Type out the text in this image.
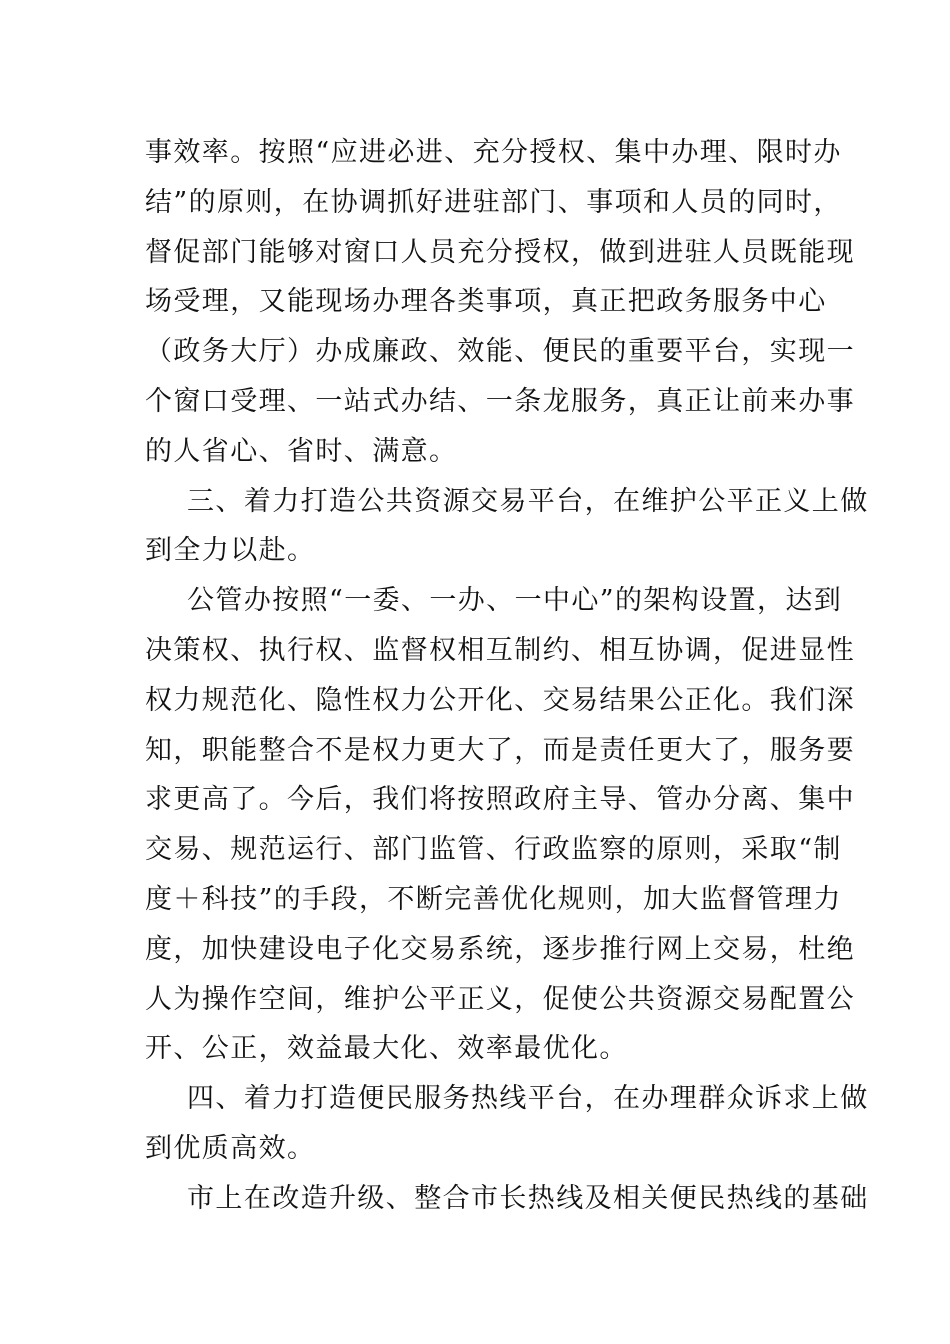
事效率。按照“应进必进、充分授权、集中办理、限时办
结”的原则，在协调抓好进驻部门、事项和人员的同时，
督促部门能够对窗口人员充分授权，做到进驻人员既能现
场受理，又能现场办理各类事项，真正把政务服务中心
（政务大厅）办成廉政、效能、便民的重要平台，实现一
个窗口受理、一站式办结、一条龙服务，真正让前来办事
的人省心、省时、满意。
三、着力打造公共资源交易平台，在维护公平正义上做
到全力以赴。
公管办按照“一委、一办、一中心”的架构设置，达到
决策权、执行权、监督权相互制约、相互协调，促进显性
权力规范化、隐性权力公开化、交易结果公正化。我们深
知，职能整合不是权力更大了，而是责任更大了，服务要
求更高了。今后，我们将按照政府主导、管办分离、集中
交易、规范运行、部门监管、行政监察的原则，采取“制
度＋科技”的手段，不断完善优化规则，加大监督管理力
度，加快建设电子化交易系统，逐步推行网上交易，杜绝
人为操作空间，维护公平正义，促使公共资源交易配置公
开、公正，效益最大化、效率最优化。
四、着力打造便民服务热线平台，在办理群众诉求上做
到优质高效。
市上在改造升级、整合市长热线及相关便民热线的基础
